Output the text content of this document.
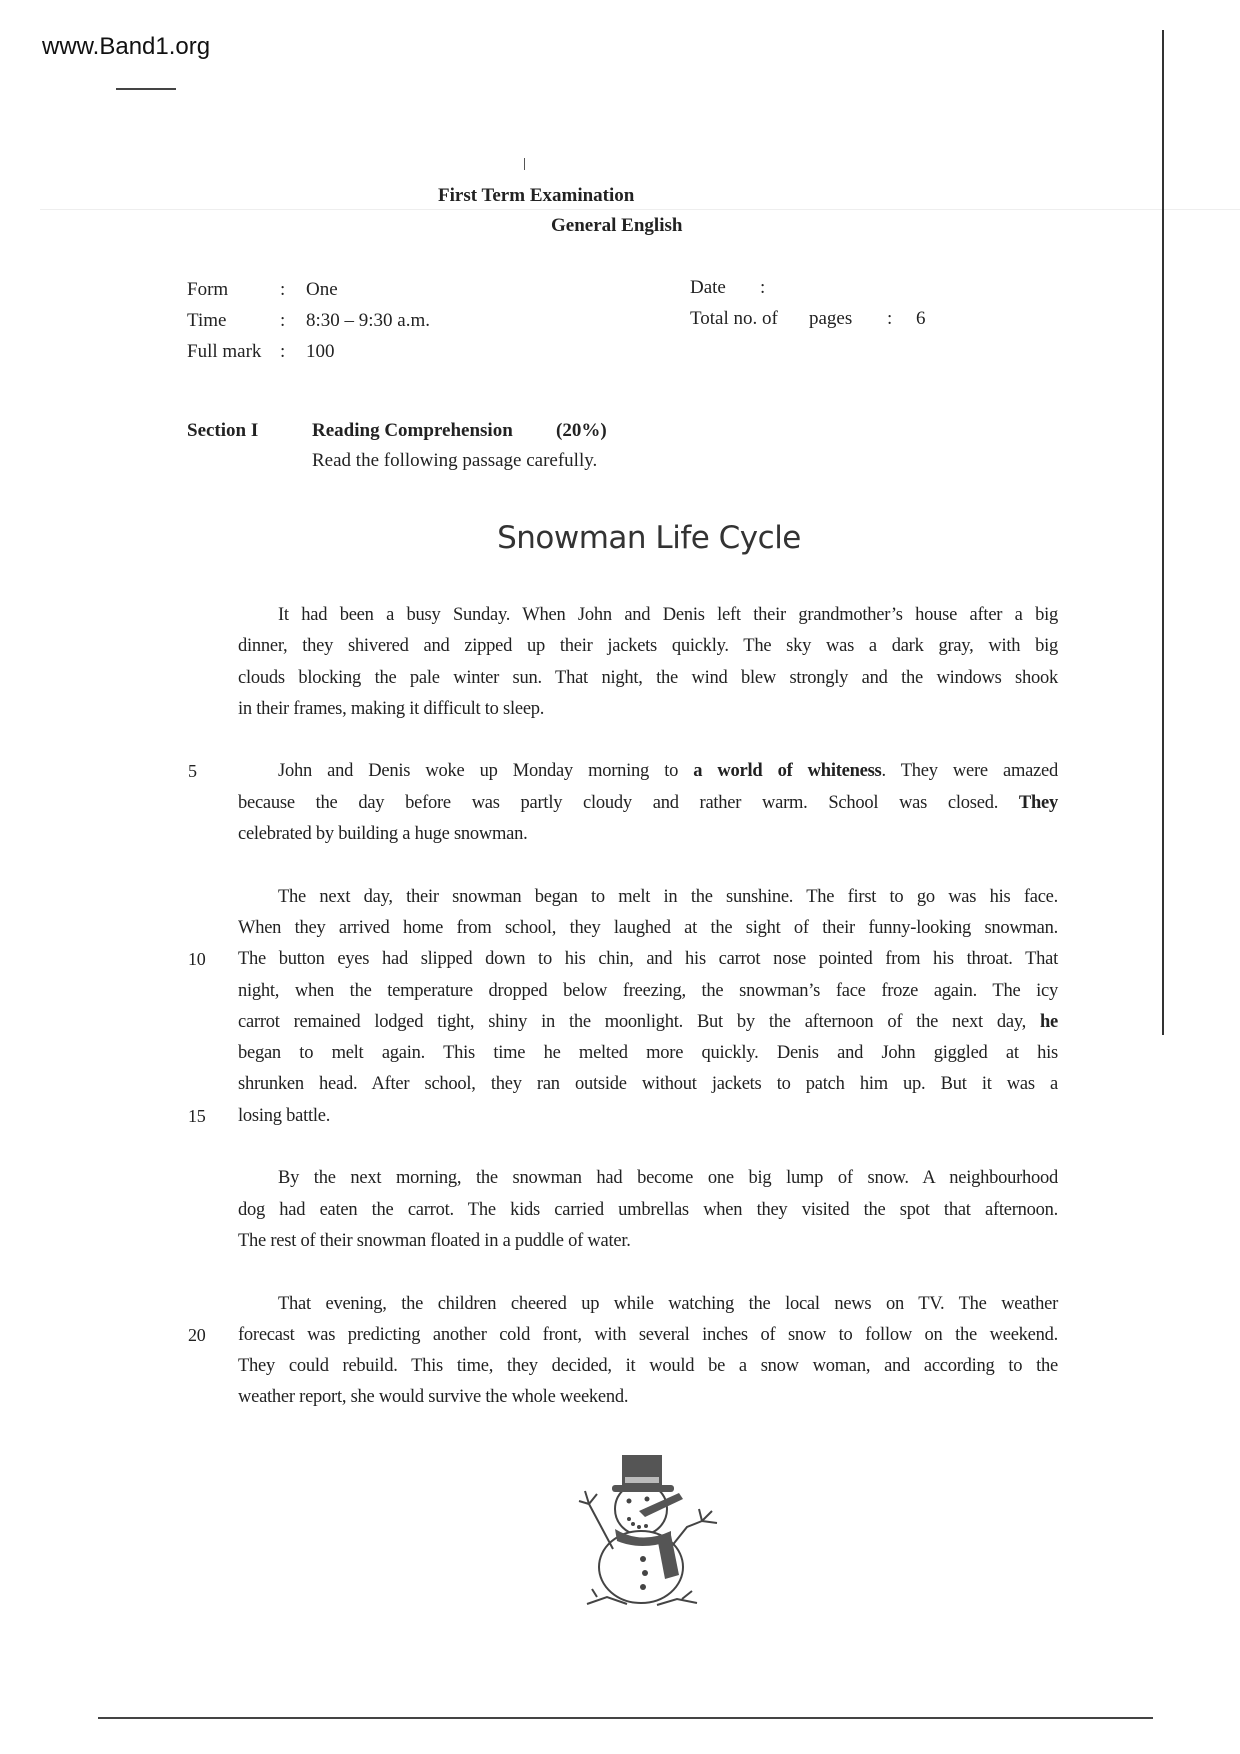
www.Band1.org
First Term Examination
General English
Form	: One
Time	: 8:30 – 9:30 a.m.
Full mark : 100
Date :
Total no. of pages : 6
Section I	Reading Comprehension (20%)
Read the following passage carefully.
Snowman Life Cycle
It had been a busy Sunday. When John and Denis left their grandmother’s house after a big
dinner, they shivered and zipped up their jackets quickly. The sky was a dark gray, with big
clouds blocking the pale winter sun. That night, the wind blew strongly and the windows shook
in their frames, making it difficult to sleep.
5	John and Denis woke up Monday morning to a world of whiteness. They were amazed
because the day before was partly cloudy and rather warm. School was closed. They
celebrated by building a huge snowman.
The next day, their snowman began to melt in the sunshine. The first to go was his face.
When they arrived home from school, they laughed at the sight of their funny-looking snowman.
10 The button eyes had slipped down to his chin, and his carrot nose pointed from his throat. That
night, when the temperature dropped below freezing, the snowman’s face froze again. The icy
carrot remained lodged tight, shiny in the moonlight. But by the afternoon of the next day, he
began to melt again. This time he melted more quickly. Denis and John giggled at his
shrunken head. After school, they ran outside without jackets to patch him up. But it was a
15 losing battle.
By the next morning, the snowman had become one big lump of snow. A neighbourhood
dog had eaten the carrot. The kids carried umbrellas when they visited the spot that afternoon.
The rest of their snowman floated in a puddle of water.
That evening, the children cheered up while watching the local news on TV. The weather
20 forecast was predicting another cold front, with several inches of snow to follow on the weekend.
They could rebuild. This time, they decided, it would be a snow woman, and according to the
weather report, she would survive the whole weekend.
